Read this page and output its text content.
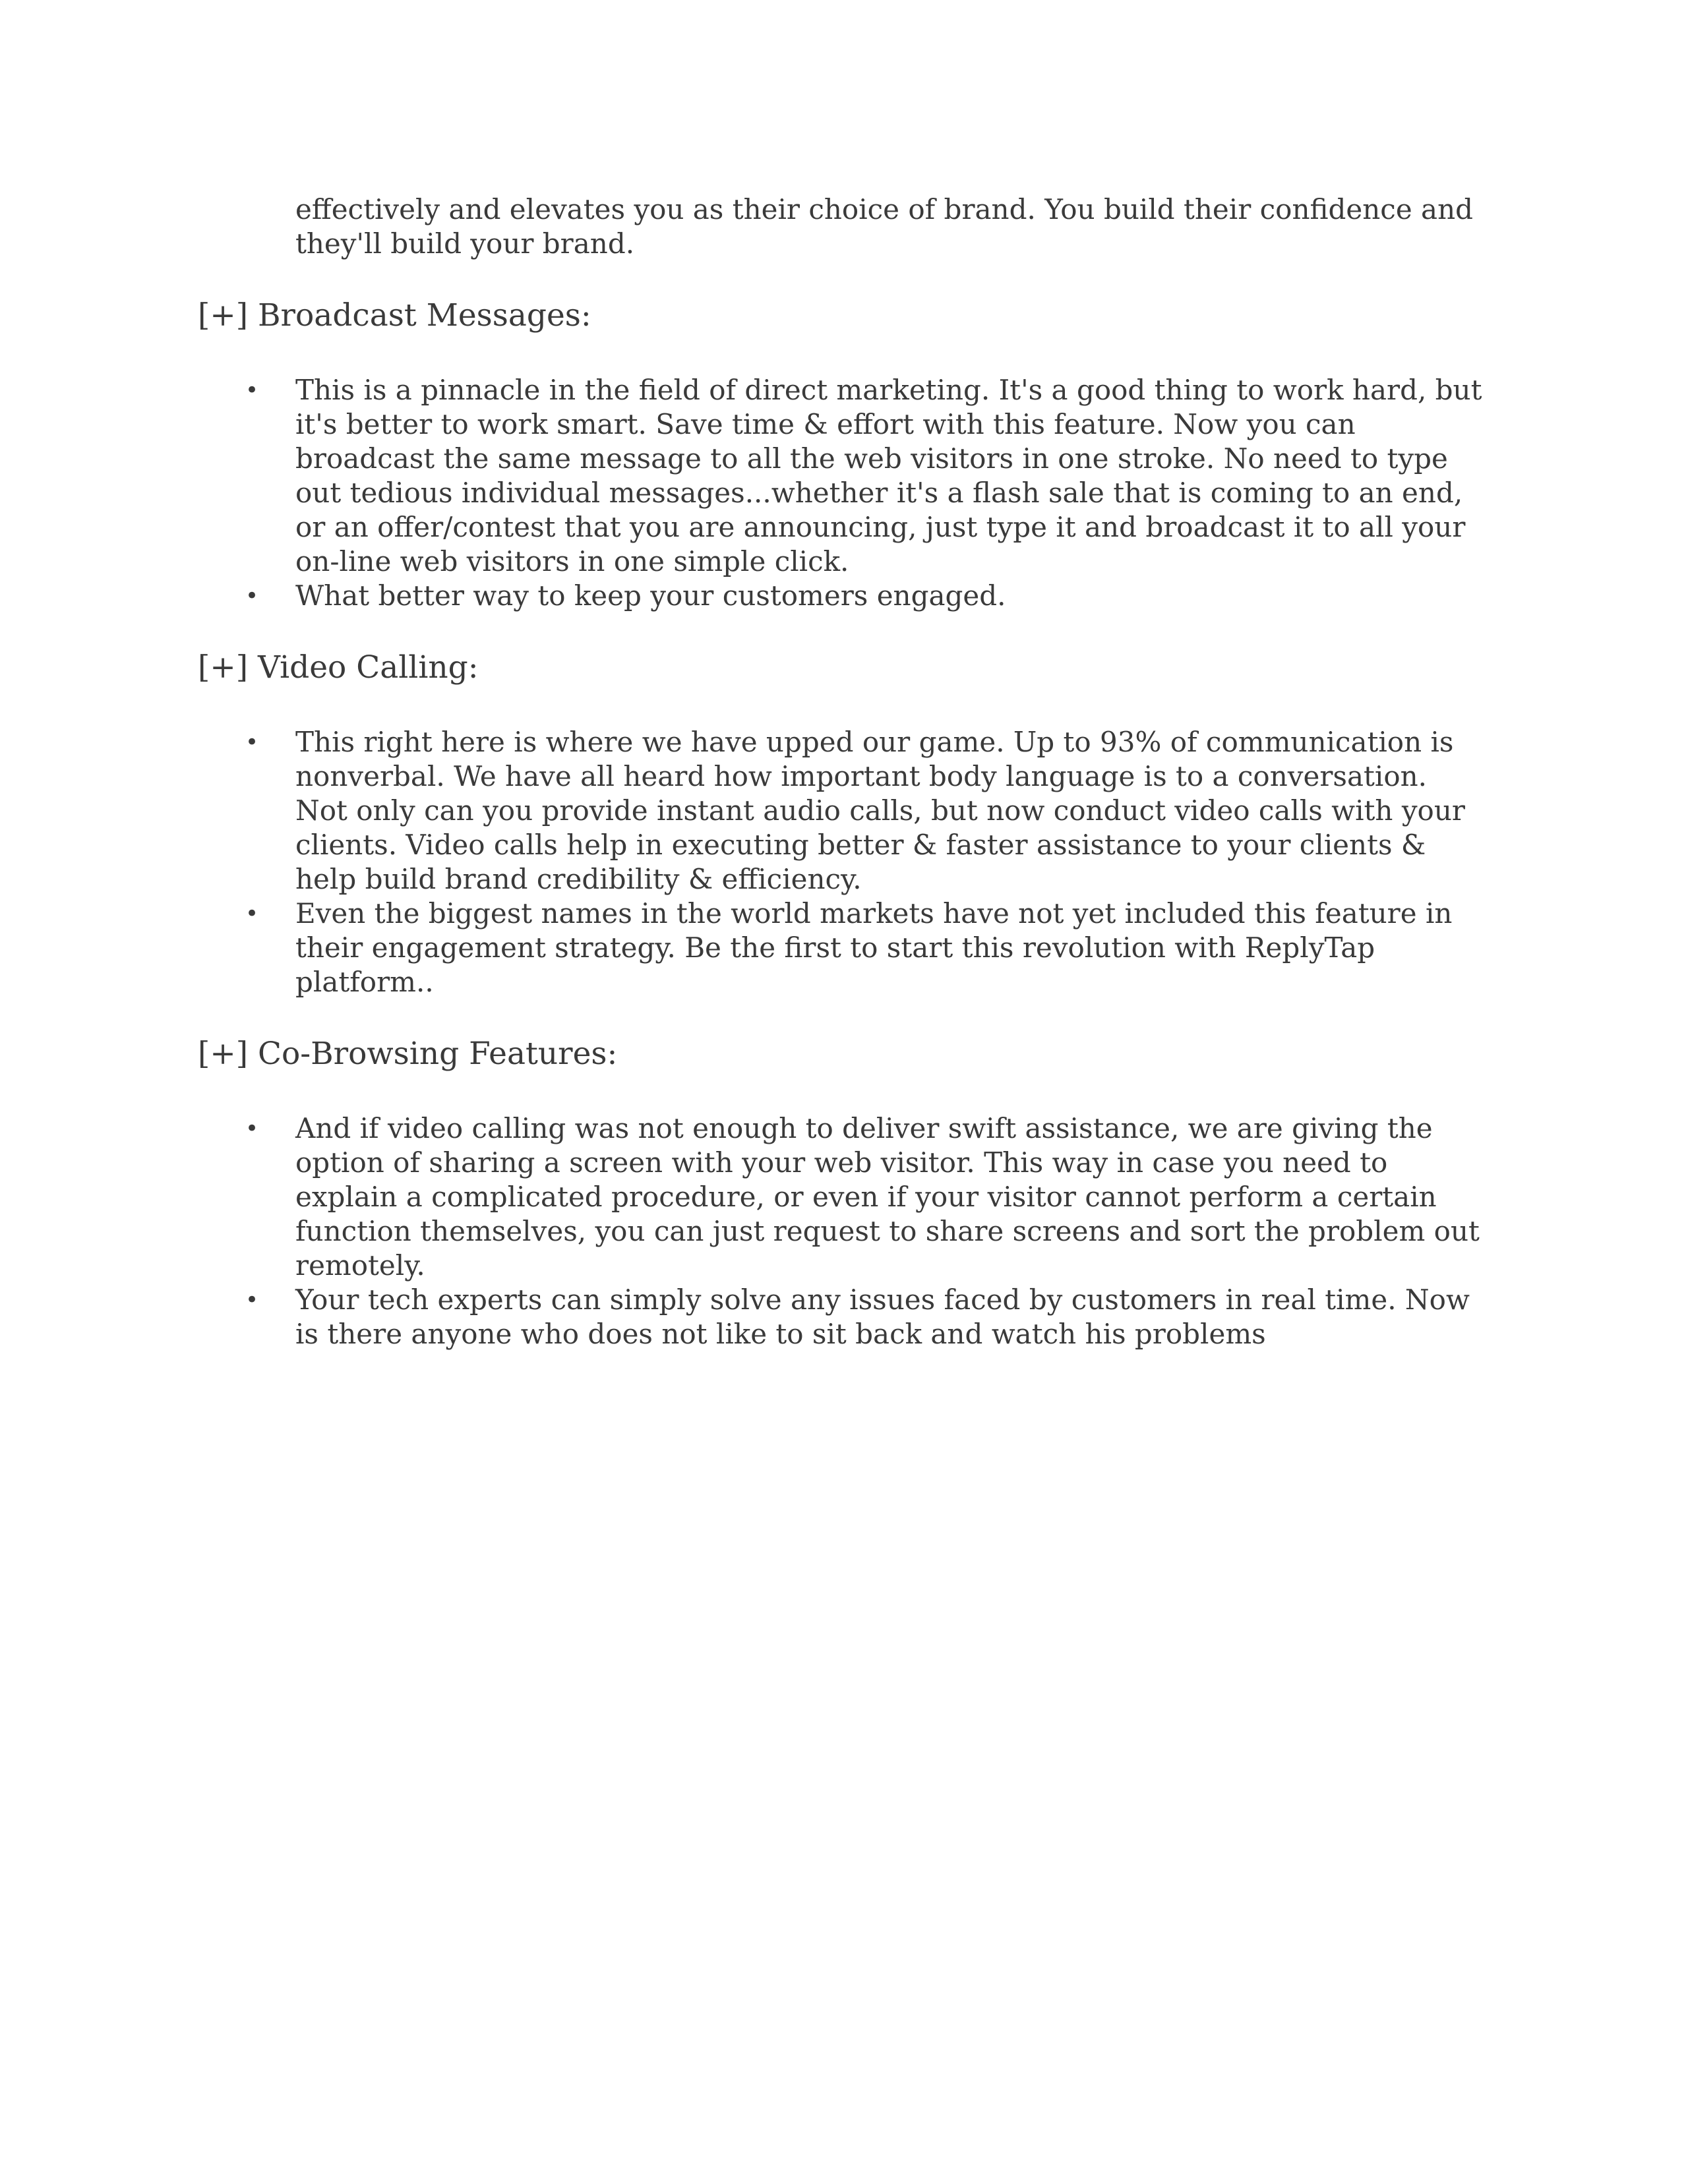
effectively and elevates you as their choice of brand. You build their confidence and they'll build your brand.

[+] Broadcast Messages:
• This is a pinnacle in the field of direct marketing. It's a good thing to work hard, but it's better to work smart. Save time & effort with this feature. Now you can broadcast the same message to all the web visitors in one stroke. No need to type out tedious individual messages...whether it's a flash sale that is coming to an end, or an offer/contest that you are announcing, just type it and broadcast it to all your on-line web visitors in one simple click.
• What better way to keep your customers engaged.
[+] Video Calling:
• This right here is where we have upped our game. Up to 93% of communication is nonverbal. We have all heard how important body language is to a conversation. Not only can you provide instant audio calls, but now conduct video calls with your clients. Video calls help in executing better & faster assistance to your clients & help build brand credibility & efficiency.
• Even the biggest names in the world markets have not yet included this feature in their engagement strategy. Be the first to start this revolution with ReplyTap platform..
[+] Co-Browsing Features:
• And if video calling was not enough to deliver swift assistance, we are giving the option of sharing a screen with your web visitor. This way in case you need to explain a complicated procedure, or even if your visitor cannot perform a certain function themselves, you can just request to share screens and sort the problem out remotely.
• Your tech experts can simply solve any issues faced by customers in real time. Now is there anyone who does not like to sit back and watch his problems
